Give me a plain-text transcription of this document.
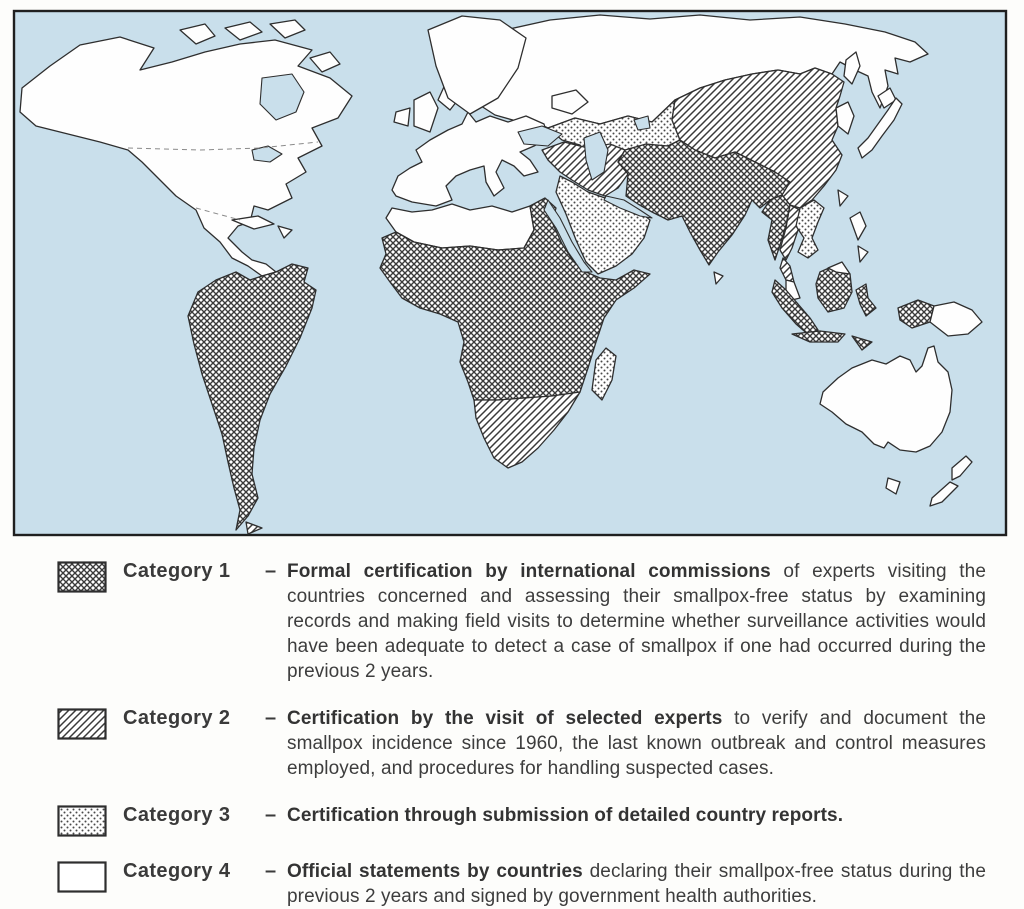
Category 1	– Formal certification by international commissions of experts visiting the countries concerned and assessing their smallpox-free status by examining records and making field visits to determine whether surveillance activities would have been adequate to detect a case of smallpox if one had occurred during the previous 2 years.

Category 2	– Certification by the visit of selected experts to verify and document the smallpox incidence since 1960, the last known outbreak and control measures employed, and procedures for handling suspected cases.

Category 3	– Certification through submission of detailed country reports.

Category 4	– Official statements by countries declaring their smallpox-free status during the previous 2 years and signed by government health authorities.
